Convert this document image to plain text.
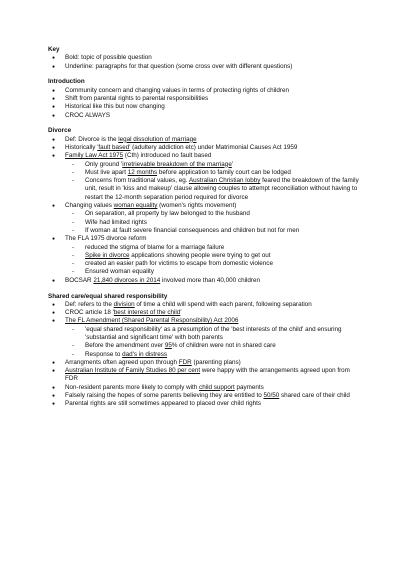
Key
● Bold: topic of possible question
● Underline: paragraphs for that question (some cross over with different questions)
Introduction
● Community concern and changing values in terms of protecting rights of children
● Shift from parental rights to parental responsibilities
● Historical like this but now changing
● CROC ALWAYS
Divorce
● Def: Divorce is the legal dissolution of marriage
● Historically 'fault based' (adultery addiction etc) under Matrimonial Causes Act 1959
● Family Law Act 1975 (Cth) introduced no fault based
- Only ground 'irretrievable breakdown of the marriage'
- Must live apart 12 months before application to family court can be lodged
- Concerns from traditional values, eg. Australian Christian lobby feared the breakdown of the family unit, result in 'kiss and makeup' clause allowing couples to attempt reconciliation without having to restart the 12-month separation period required for divorce
● Changing values woman equality (women's rights movement)
- On separation, all property by law belonged to the husband
- Wife had limited rights
- If woman at fault severe financial consequences and children but not for men
● The FLA 1975 divorce reform
- reduced the stigma of blame for a marriage failure
- Spike in divorce applications showing people were trying to get out
- created an easier path for victims to escape from domestic violence
- Ensured woman equality
● BOCSAR 21,840 divorces in 2014 involved more than 40,000 children
Shared care/equal shared responsibility
● Def: refers to the division of time a child will spend with each parent, following separation
● CROC article 18 'best interest of the child'
● The FL Amendment (Shared Parental Responsibility) Act 2006
- 'equal shared responsibility' as a presumption of the 'best interests of the child' and ensuring 'substantial and significant time' with both parents
- Before the amendment over 95% of children were not in shared care
- Response to dad's in distress
● Arrangments often agreed upon through FDR (parenting plans)
● Australian Institute of Family Studies 80 per cent were happy with the arrangements agreed upon from FDR
● Non-resident parents more likely to comply with child support payments
● Falsely raising the hopes of some parents believing they are entitled to 50/50 shared care of their child
● Parental rights are still sometimes appeared to placed over child rights
